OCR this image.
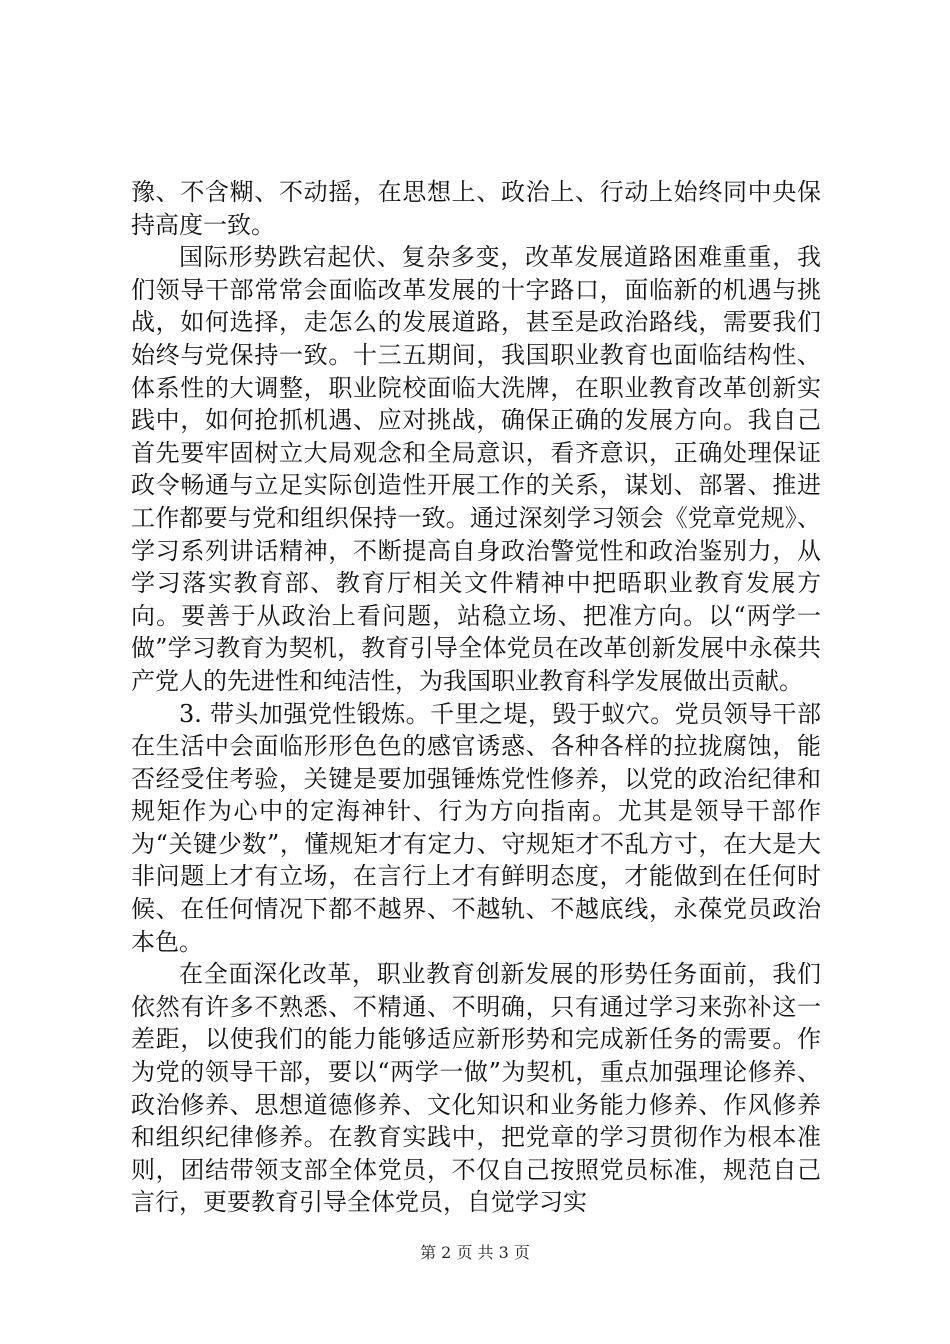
豫、不含糊、不动摇，在思想上、政治上、行动上始终同中央保持高度一致。

国际形势跌宕起伏、复杂多变，改革发展道路困难重重，我们领导干部常常会面临改革发展的十字路口，面临新的机遇与挑战，如何选择，走怎么的发展道路，甚至是政治路线，需要我们始终与党保持一致。十三五期间，我国职业教育也面临结构性、体系性的大调整，职业院校面临大洗牌，在职业教育改革创新实践中，如何抢抓机遇、应对挑战，确保正确的发展方向。我自己首先要牢固树立大局观念和全局意识，看齐意识，正确处理保证政令畅通与立足实际创造性开展工作的关系，谋划、部署、推进工作都要与党和组织保持一致。通过深刻学习领会《党章党规》、学习系列讲话精神，不断提高自身政治警觉性和政治鉴别力，从学习落实教育部、教育厅相关文件精神中把晤职业教育发展方向。要善于从政治上看问题，站稳立场、把准方向。以“两学一做”学习教育为契机，教育引导全体党员在改革创新发展中永葆共产党人的先进性和纯洁性，为我国职业教育科学发展做出贡献。

3. 带头加强党性锻炼。千里之堤，毁于蚁穴。党员领导干部在生活中会面临形形色色的感官诱惑、各种各样的拉拢腐蚀，能否经受住考验，关键是要加强锤炼党性修养，以党的政治纪律和规矩作为心中的定海神针、行为方向指南。尤其是领导干部作为“关键少数”，懂规矩才有定力、守规矩才不乱方寸，在大是大非问题上才有立场，在言行上才有鲜明态度，才能做到在任何时候、在任何情况下都不越界、不越轨、不越底线，永葆党员政治本色。

在全面深化改革，职业教育创新发展的形势任务面前，我们依然有许多不熟悉、不精通、不明确，只有通过学习来弥补这一差距，以使我们的能力能够适应新形势和完成新任务的需要。作为党的领导干部，要以“两学一做”为契机，重点加强理论修养、政治修养、思想道德修养、文化知识和业务能力修养、作风修养和组织纪律修养。在教育实践中，把党章的学习贯彻作为根本准则，团结带领支部全体党员，不仅自己按照党员标准，规范自己言行，更要教育引导全体党员，自觉学习实

第 2 页 共 3 页
